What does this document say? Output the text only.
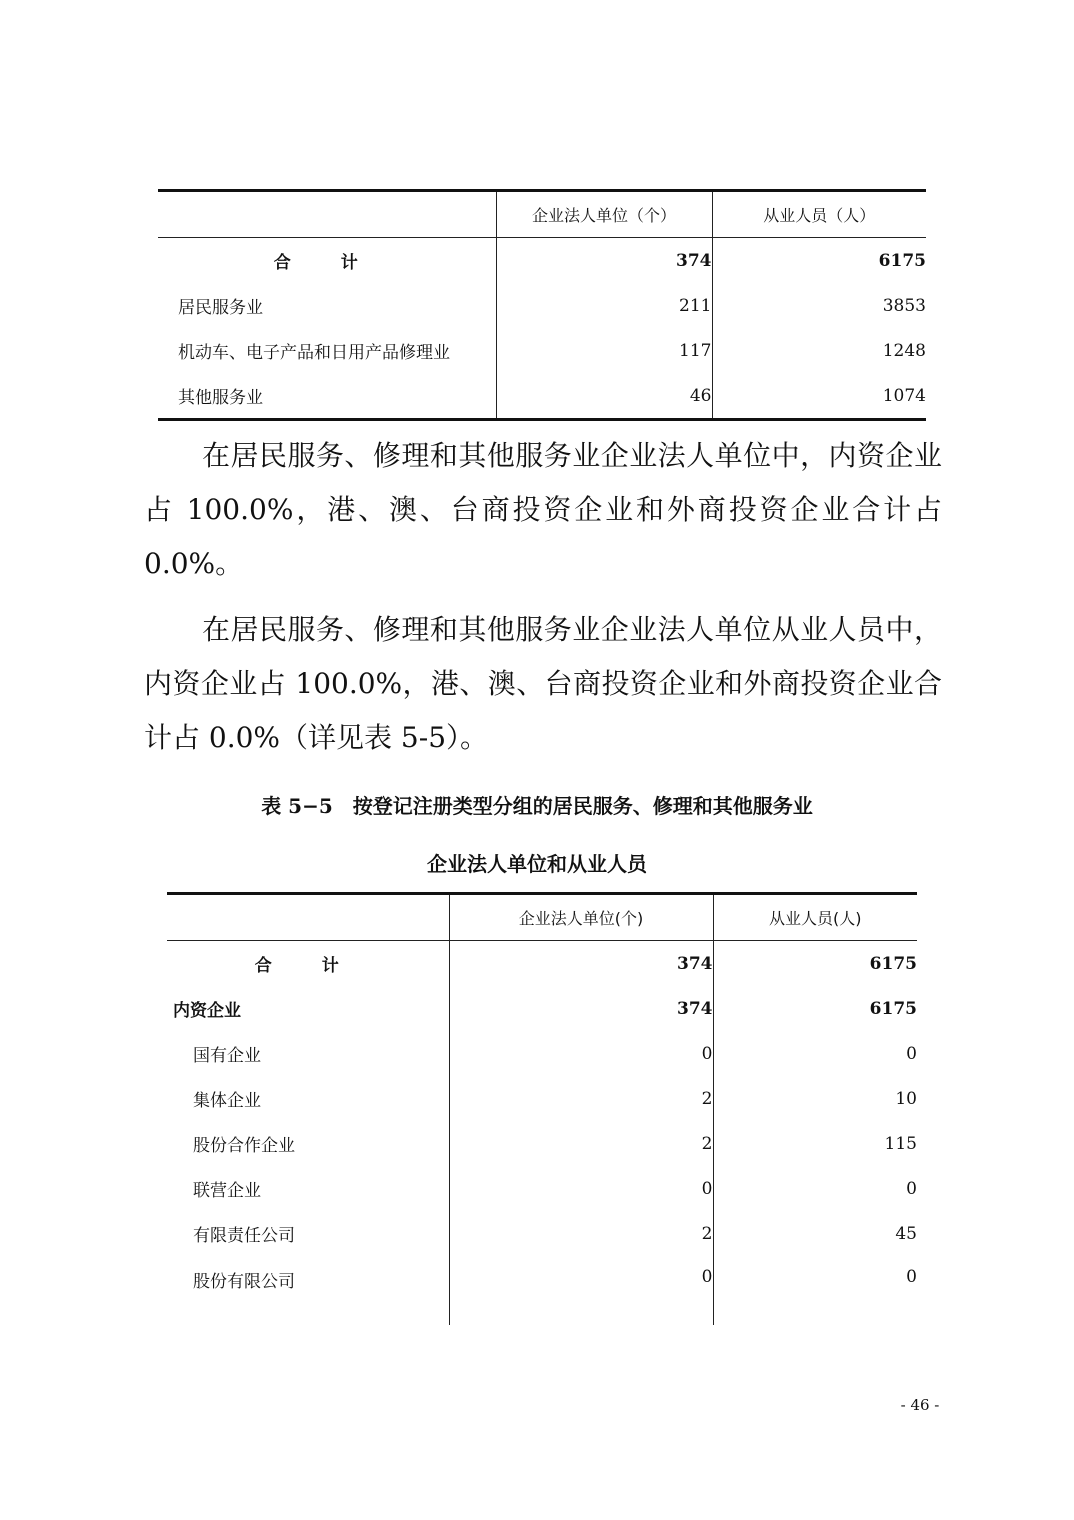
	企业法人单位（个）	从业人员（人）
合 计	374	6175
居民服务业	211	3853
机动车、电子产品和日用产品修理业	117	1248
其他服务业	46	1074
在居民服务、修理和其他服务业企业法人单位中，内资企业占 100.0%，港、澳、台商投资企业和外商投资企业合计占 0.0%。
在居民服务、修理和其他服务业企业法人单位从业人员中，内资企业占 100.0%，港、澳、台商投资企业和外商投资企业合计占 0.0%（详见表 5-5）。
表 5−5　按登记注册类型分组的居民服务、修理和其他服务业
企业法人单位和从业人员
	企业法人单位(个)	从业人员(人)
合 计	374	6175
内资企业	374	6175
国有企业	0	0
集体企业	2	10
股份合作企业	2	115
联营企业	0	0
有限责任公司	2	45
股份有限公司	0	0
- 46 -
